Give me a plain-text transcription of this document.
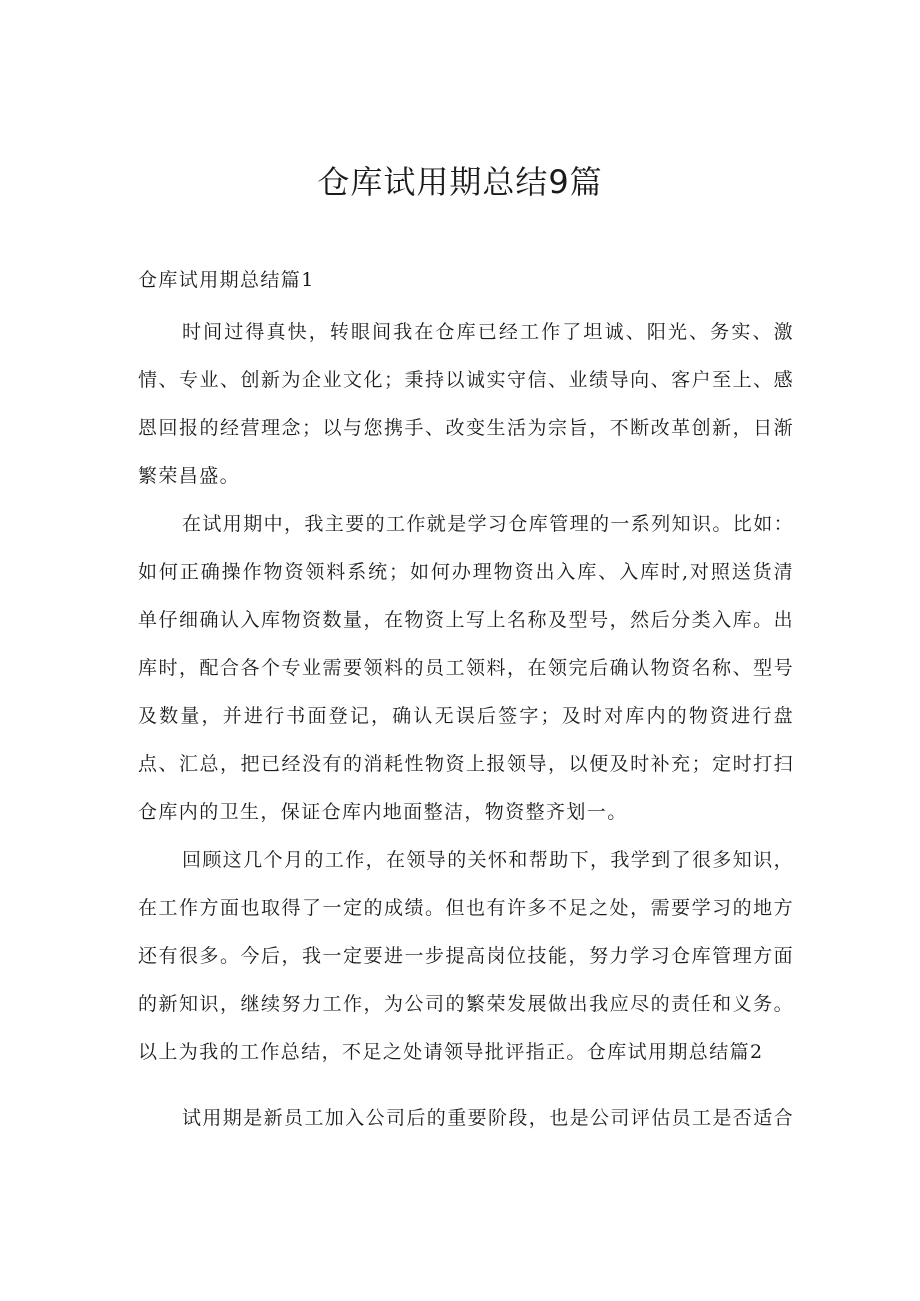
仓库试用期总结9篇

仓库试用期总结篇1

时间过得真快，转眼间我在仓库已经工作了坦诚、阳光、务实、激情、专业、创新为企业文化；秉持以诚实守信、业绩导向、客户至上、感恩回报的经营理念；以与您携手、改变生活为宗旨，不断改革创新，日渐繁荣昌盛。

在试用期中，我主要的工作就是学习仓库管理的一系列知识。比如：如何正确操作物资领料系统；如何办理物资出入库、入库时,对照送货清单仔细确认入库物资数量，在物资上写上名称及型号，然后分类入库。出库时，配合各个专业需要领料的员工领料，在领完后确认物资名称、型号及数量，并进行书面登记，确认无误后签字；及时对库内的物资进行盘点、汇总，把已经没有的消耗性物资上报领导，以便及时补充；定时打扫仓库内的卫生，保证仓库内地面整洁，物资整齐划一。

回顾这几个月的工作，在领导的关怀和帮助下，我学到了很多知识，在工作方面也取得了一定的成绩。但也有许多不足之处，需要学习的地方还有很多。今后，我一定要进一步提高岗位技能，努力学习仓库管理方面的新知识，继续努力工作，为公司的繁荣发展做出我应尽的责任和义务。以上为我的工作总结，不足之处请领导批评指正。仓库试用期总结篇2

试用期是新员工加入公司后的重要阶段，也是公司评估员工是否适合
